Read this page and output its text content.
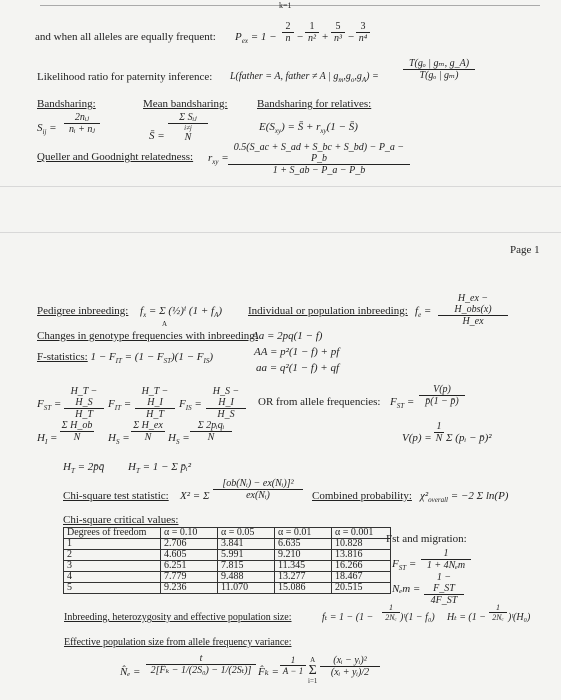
k=1
and when all alleles are equally frequent: $P_{ex} = 1 - \frac{2}{n} - \frac{1}{\text{n²}} + \frac{5}{\text{n³}} - \frac{3}{\text{n⁴}}$
Likelihood ratio for paternity inference: L(father = A, father ≠ A | $g_m,g_o,g_A) = \frac{\text{T(gₒ | gₘ, g\_A)}}{\text{T(gₒ | gₘ)}}$
Bandsharing:	Mean bandsharing:	Bandsharing for relatives:
$S_{ij}$ =
2nᵢⱼ
nᵢ + nⱼ
S̄ =
Σ Sᵢⱼ
i≠j
N
$E(S_{xy})$ = S̄ + $r_{xy}(1$ − S̄)
Queller and Goodnight relatedness: $r_{xy} = \frac{0.5(S\_ac + S\_ad + S\_bc + S\_bd) - P\_a - P\_b}{1 + S\_ab - P\_a - P\_b}$
Page 1
Pedigree inbreeding: $f_x = \Sigma$ (½)ⁱ $(1 + f_A)$
A
Individual or population inbreeding: $f_e$ =
H_ex − H_obs(x)
H_ex
Changes in genotype frequencies with inbreeding:
Aa = 2pq(1 − f)
AA = p²(1 − f) + pf
aa = q²(1 − f) + qf
F-statistics: $1 - F_{IT} = (1 - F_{ST})(1 - F_{IS})$
$F_{ST} = \frac{H\_T - H\_S}{H\_T} F_{IT} = \frac{H\_T - H\_I}{H\_T} F_{IS} = \frac{H\_S - H\_I}{H\_S}$ OR from allele frequencies: $F_{ST} = \frac{V(p)}{p̄(1 - p̄)}$
$H_I = \frac{\text{Σ H\_ob}}{N} H_S = \frac{\text{Σ H\_ex}}{N} H_S$ =
Σ 2pᵢqᵢ
N	$V(p) = \frac{1}{N}$ Σ (pᵢ − p̄)²
$H_T$ = 2p̄q̄ $H_T = 1 - \Sigma$ p̄ᵢ²
Chi-square test statistic: X² = Σ $\frac{\text{[ob(Nᵢ) − ex(Nᵢ)]²}}{\text{ex(Nᵢ)}}$ Combined probability: $\chi^2_{overall} = -2$ Σ ln(P)
Chi-square critical values:
Degrees of freedom	α = 0.10	α = 0.05	α = 0.01	α = 0.001
1	2.706	3.841	6.635	10.828
2	4.605	5.991	9.210	13.816
3	6.251	7.815	11.345	16.266
4	7.779	9.488	13.277	18.467
5	9.236	11.070	15.086	20.515
Fst and migration:
$F_{ST}$ =
1
1 + 4Nₑm
$N_em = \frac{1 - F\_ST}{4F\_ST}$
Inbreeding, heterozygosity and effective population size:	$f_t = 1 - (1 - \frac{1}{\text{2Nₑ}}$ )ᵗ(1 − f₀) $H_t = (1 - \frac{1}{\text{2Nₑ}}$ )ᵗ(H₀)
Effective population size from allele frequency variance:
N̂ₑ = $\frac{t}{\text{2[F̂ₖ − 1/(2S₀) − 1/(2Sₜ)]}}$ F̂ₖ = $\frac{1}{A - 1}$ A
Σ
i=1
$\frac{\text{(xᵢ − yᵢ)²}}{\text{(xᵢ + yᵢ)/2}}$
